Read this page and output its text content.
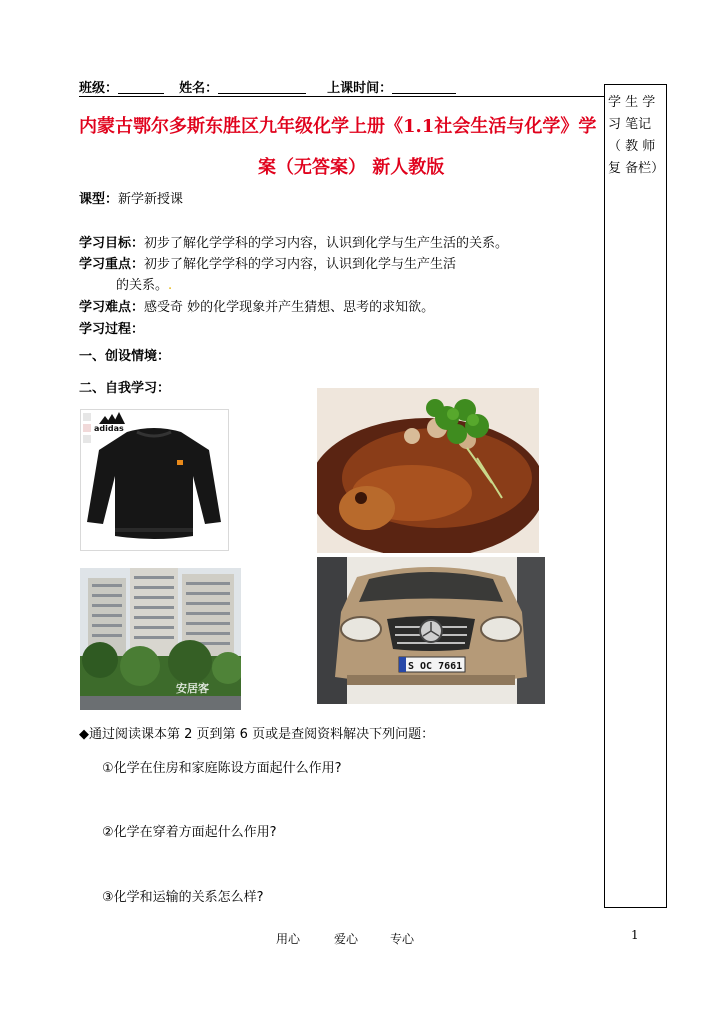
班级：	姓名：	上课时间：
内蒙古鄂尔多斯东胜区九年级化学上册《1.1社会生活与化学》学
案（无答案） 新人教版
学 生 学 习 笔记 （ 教 师 复 备栏）
课型：新学新授课
学习目标：初步了解化学学科的学习内容，认识到化学与生产生活的关系。
学习重点：初步了解化学学科的学习内容，认识到化学与生产生活
的关系。.
学习难点：感受奇 妙的化学现象并产生猜想、思考的求知欲。
学习过程：
一、创设情境：
二、自我学习：
adidas
安居客
S OC 7661
◆通过阅读课本第 2 页到第 6 页或是查阅资料解决下列问题：
①化学在住房和家庭陈设方面起什么作用?
②化学在穿着方面起什么作用?
③化学和运输的关系怎么样?
用心	爱心	专心	1
